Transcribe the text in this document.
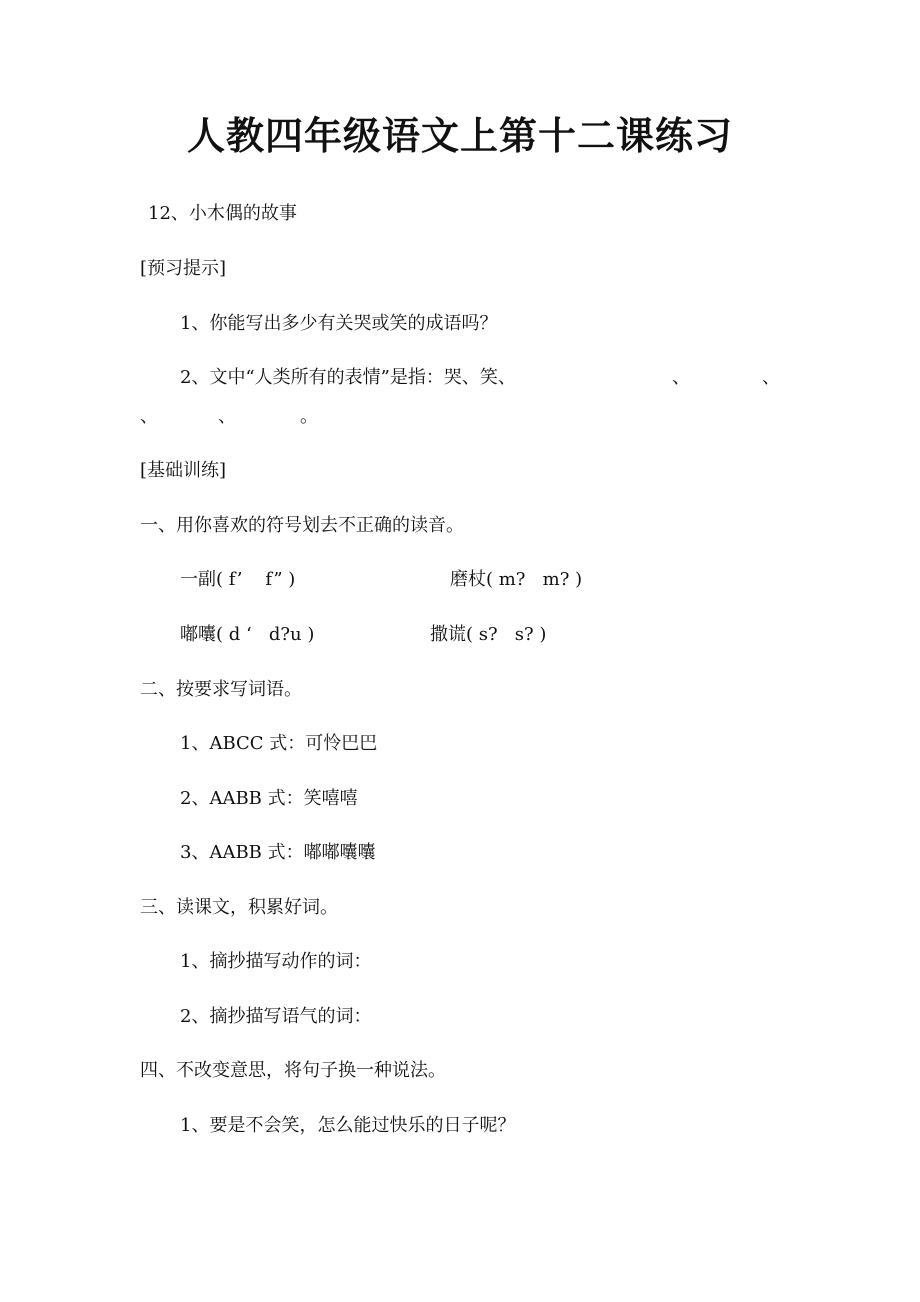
人教四年级语文上第十二课练习
12、小木偶的故事
[预习提示]
1、你能写出多少有关哭或笑的成语吗？
2、文中“人类所有的表情”是指：哭、笑、	、	、
、	、	。
[基础训练]
一、用你喜欢的符号划去不正确的读音。
一副( f’    f” )	磨杖( m?   m? )
嘟囔( d ‘   d?u )	撒谎( s?   s? )
二、按要求写词语。
1、ABCC 式：可怜巴巴
2、AABB 式：笑嘻嘻
3、AABB 式：嘟嘟囔囔
三、读课文，积累好词。
1、摘抄描写动作的词：
2、摘抄描写语气的词：
四、不改变意思，将句子换一种说法。
1、要是不会笑，怎么能过快乐的日子呢？
